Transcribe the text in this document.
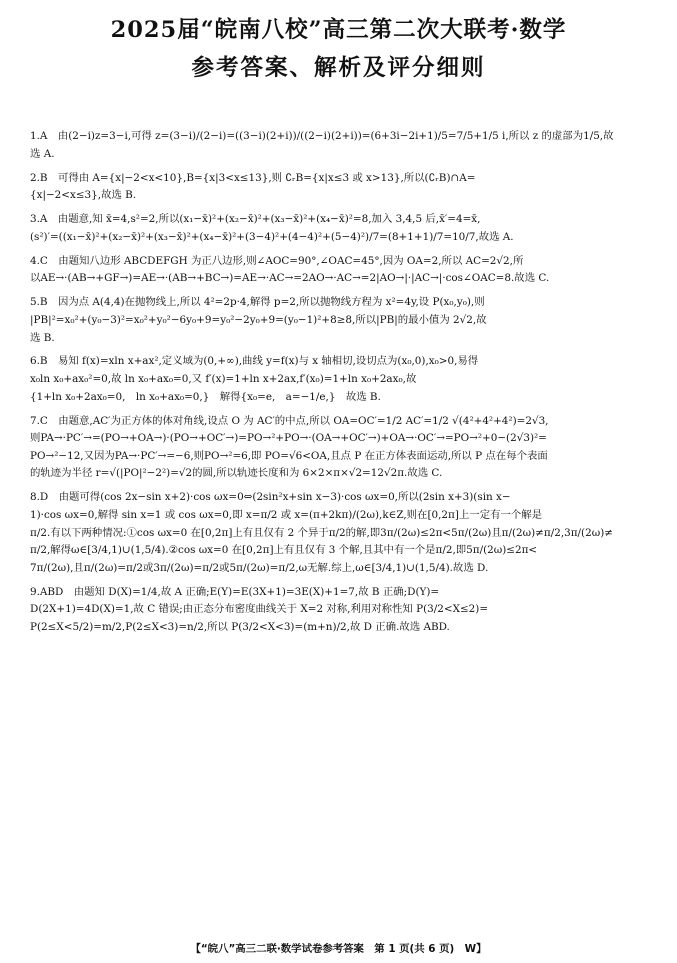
2025届“皖南八校”高三第二次大联考·数学
参考答案、解析及评分细则
1.A　由(2−i)z=3−i,可得 z=(3−i)/(2−i)=((3−i)(2+i))/((2−i)(2+i))=(6+3i−2i+1)/5=7/5+1/5 i,所以 z 的虚部为1/5,故
选 A.
2.B　可得由 A={x|−2<x<10},B={x|3<x≤13},则 ∁ᵣB={x|x≤3 或 x>13},所以(∁ᵣB)∩A=
{x|−2<x≤3},故选 B.
3.A　由题意,知 x̄=4,s²=2,所以(x₁−x̄)²+(x₂−x̄)²+(x₃−x̄)²+(x₄−x̄)²=8,加入 3,4,5 后,x̄′=4=x̄,
(s²)′=((x₁−x̄)²+(x₂−x̄)²+(x₃−x̄)²+(x₄−x̄)²+(3−4)²+(4−4)²+(5−4)²)/7=(8+1+1)/7=10/7,故选 A.
4.C　由题知八边形 ABCDEFGH 为正八边形,则∠AOC=90°,∠OAC=45°,因为 OA=2,所以 AC=2√2,所
以AE→·(AB→+GF→)=AE→·(AB→+BC→)=AE→·AC→=2AO→·AC→=2|AO→|·|AC→|·cos∠OAC=8.故选 C.
5.B　因为点 A(4,4)在抛物线上,所以 4²=2p·4,解得 p=2,所以抛物线方程为 x²=4y,设 P(x₀,y₀),则
|PB|²=x₀²+(y₀−3)²=x₀²+y₀²−6y₀+9=y₀²−2y₀+9=(y₀−1)²+8≥8,所以|PB|的最小值为 2√2,故
选 B.
6.B　易知 f(x)=xln x+ax²,定义域为(0,+∞),曲线 y=f(x)与 x 轴相切,设切点为(x₀,0),x₀>0,易得
x₀ln x₀+ax₀²=0,故 ln x₀+ax₀=0,又 f′(x)=1+ln x+2ax,f′(x₀)=1+ln x₀+2ax₀,故
{1+ln x₀+2ax₀=0,　ln x₀+ax₀=0,}　解得{x₀=e,　a=−1/e,}　故选 B.
7.C　由题意,AC′为正方体的体对角线,设点 O 为 AC′的中点,所以 OA=OC′=1/2 AC′=1/2 √(4²+4²+4²)=2√3,
则PA→·PC′→=(PO→+OA→)·(PO→+OC′→)=PO→²+PO→·(OA→+OC′→)+OA→·OC′→=PO→²+0−(2√3)²=
PO→²−12,又因为PA→·PC′→=−6,则PO→²=6,即 PO=√6<OA,且点 P 在正方体表面运动,所以 P 点在每个表面
的轨迹为半径 r=√(|PO|²−2²)=√2的圆,所以轨迹长度和为 6×2×π×√2=12√2π.故选 C.
8.D　由题可得(cos 2x−sin x+2)·cos ωx=0⇔(2sin²x+sin x−3)·cos ωx=0,所以(2sin x+3)(sin x−
1)·cos ωx=0,解得 sin x=1 或 cos ωx=0,即 x=π/2 或 x=(π+2kπ)/(2ω),k∈Z,则在[0,2π]上一定有一个解是
π/2.有以下两种情况:①cos ωx=0 在[0,2π]上有且仅有 2 个异于π/2的解,即3π/(2ω)≤2π<5π/(2ω)且π/(2ω)≠π/2,3π/(2ω)≠
π/2,解得ω∈[3/4,1)∪(1,5/4).②cos ωx=0 在[0,2π]上有且仅有 3 个解,且其中有一个是π/2,即5π/(2ω)≤2π<
7π/(2ω),且π/(2ω)=π/2或3π/(2ω)=π/2或5π/(2ω)=π/2,ω无解.综上,ω∈[3/4,1)∪(1,5/4).故选 D.
9.ABD　由题知 D(X)=1/4,故 A 正确;E(Y)=E(3X+1)=3E(X)+1=7,故 B 正确;D(Y)=
D(2X+1)=4D(X)=1,故 C 错误;由正态分布密度曲线关于 X=2 对称,利用对称性知 P(3/2<X≤2)=
P(2≤X<5/2)=m/2,P(2≤X<3)=n/2,所以 P(3/2<X<3)=(m+n)/2,故 D 正确.故选 ABD.
【“皖八”高三二联·数学试卷参考答案　第 1 页(共 6 页)　W】
